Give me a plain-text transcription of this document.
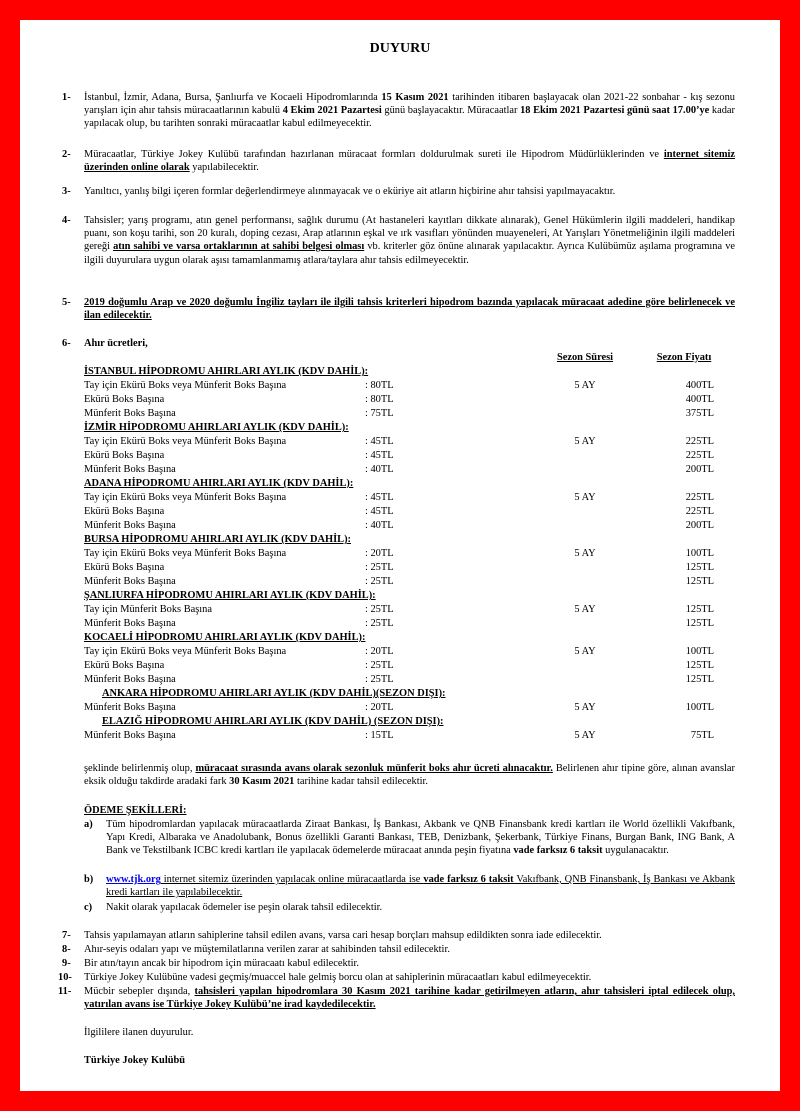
DUYURU
1- İstanbul, İzmir, Adana, Bursa, Şanlıurfa ve Kocaeli Hipodromlarında 15 Kasım 2021 tarihinden itibaren başlayacak olan 2021-22 sonbahar - kış sezonu yarışları için ahır tahsis müracaatlarının kabulü 4 Ekim 2021 Pazartesi günü başlayacaktır. Müracaatlar 18 Ekim 2021 Pazartesi günü saat 17.00’ye kadar yapılacak olup, bu tarihten sonraki müracaatlar kabul edilmeyecektir.
2- Müracaatlar, Türkiye Jokey Kulübü tarafından hazırlanan müracaat formları doldurulmak sureti ile Hipodrom Müdürlüklerinden ve internet sitemiz üzerinden online olarak yapılabilecektir.
3- Yanıltıcı, yanlış bilgi içeren formlar değerlendirmeye alınmayacak ve o eküriye ait atların hiçbirine ahır tahsisi yapılmayacaktır.
4- Tahsisler; yarış programı, atın genel performansı, sağlık durumu (At hastaneleri kayıtları dikkate alınarak), Genel Hükümlerin ilgili maddeleri, handikap puanı, son koşu tarihi, son 20 kuralı, doping cezası, Arap atlarının eşkal ve ırk vasıfları yönünden muayeneleri, At Yarışları Yönetmeliğinin ilgili maddeleri gereği atın sahibi ve varsa ortaklarının at sahibi belgesi olması vb. kriterler göz önüne alınarak yapılacaktır. Ayrıca Kulübümüz aşılama programına ve ilgili duyurulara uygun olarak aşısı tamamlanmamış atlara/taylara ahır tahsis edilmeyecektir.
5- 2019 doğumlu Arap ve 2020 doğumlu İngiliz tayları ile ilgili tahsis kriterleri hipodrom bazında yapılacak müracaat adedine göre belirlenecek ve ilan edilecektir.
6- Ahır ücretleri,
Sezon Süresi	Sezon Fiyatı
İSTANBUL HİPODROMU AHIRLARI AYLIK (KDV DAHİL):
Tay için Ekürü Boks veya Münferit Boks Başına	: 80TL	5 AY	400TL
Ekürü Boks Başına	: 80TL	400TL
Münferit Boks Başına	: 75TL	375TL
İZMİR HİPODROMU AHIRLARI AYLIK (KDV DAHİL):
Tay için Ekürü Boks veya Münferit Boks Başına	: 45TL	5 AY	225TL
Ekürü Boks Başına	: 45TL	225TL
Münferit Boks Başına	: 40TL	200TL
ADANA HİPODROMU AHIRLARI AYLIK (KDV DAHİL):
Tay için Ekürü Boks veya Münferit Boks Başına	: 45TL	5 AY	225TL
Ekürü Boks Başına	: 45TL	225TL
Münferit Boks Başına	: 40TL	200TL
BURSA HİPODROMU AHIRLARI AYLIK (KDV DAHİL):
Tay için Ekürü Boks veya Münferit Boks Başına	: 20TL	5 AY	100TL
Ekürü Boks Başına	: 25TL	125TL
Münferit Boks Başına	: 25TL	125TL
ŞANLIURFA HİPODROMU AHIRLARI AYLIK (KDV DAHİL):
Tay için Münferit Boks Başına	: 25TL	5 AY	125TL
Münferit Boks Başına	: 25TL	125TL
KOCAELİ HİPODROMU AHIRLARI AYLIK (KDV DAHİL):
Tay için Ekürü Boks veya Münferit Boks Başına	: 20TL	5 AY	100TL
Ekürü Boks Başına	: 25TL	125TL
Münferit Boks Başına	: 25TL	125TL
ANKARA HİPODROMU AHIRLARI AYLIK (KDV DAHİL)(SEZON DIŞI):
Münferit Boks Başına	: 20TL	5 AY	100TL
ELAZIĞ HİPODROMU AHIRLARI AYLIK (KDV DAHİL) (SEZON DIŞI):
Münferit Boks Başına	: 15TL	5 AY	75TL
şeklinde belirlenmiş olup, müracaat sırasında avans olarak sezonluk münferit boks ahır ücreti alınacaktır. Belirlenen ahır tipine göre, alınan avanslar eksik olduğu takdirde aradaki fark 30 Kasım 2021 tarihine kadar tahsil edilecektir.
ÖDEME ŞEKİLLERİ:
a) Tüm hipodromlardan yapılacak müracaatlarda Ziraat Bankası, İş Bankası, Akbank ve QNB Finansbank kredi kartları ile World özellikli Vakıfbank, Yapı Kredi, Albaraka ve Anadolubank, Bonus özellikli Garanti Bankası, TEB, Denizbank, Şekerbank, Türkiye Finans, Burgan Bank, ING Bank, A Bank ve Tekstilbank ICBC kredi kartları ile yapılacak ödemelerde müracaat anında peşin fiyatına vade farksız 6 taksit uygulanacaktır.
b) www.tjk.org internet sitemiz üzerinden yapılacak online müracaatlarda ise vade farksız 6 taksit Vakıfbank, QNB Finansbank, İş Bankası ve Akbank kredi kartları ile yapılabilecektir.
c) Nakit olarak yapılacak ödemeler ise peşin olarak tahsil edilecektir.
7- Tahsis yapılamayan atların sahiplerine tahsil edilen avans, varsa cari hesap borçları mahsup edildikten sonra iade edilecektir.
8- Ahır-seyis odaları yapı ve müştemilatlarına verilen zarar at sahibinden tahsil edilecektir.
9- Bir atın/tayın ancak bir hipodrom için müracaatı kabul edilecektir.
10- Türkiye Jokey Kulübüne vadesi geçmiş/muaccel hale gelmiş borcu olan at sahiplerinin müracaatları kabul edilmeyecektir.
11- Mücbir sebepler dışında, tahsisleri yapılan hipodromlara 30 Kasım 2021 tarihine kadar getirilmeyen atların, ahır tahsisleri iptal edilecek olup, yatırılan avans ise Türkiye Jokey Kulübü’ne irad kaydedilecektir.
İlgililere ilanen duyurulur.
Türkiye Jokey Kulübü
